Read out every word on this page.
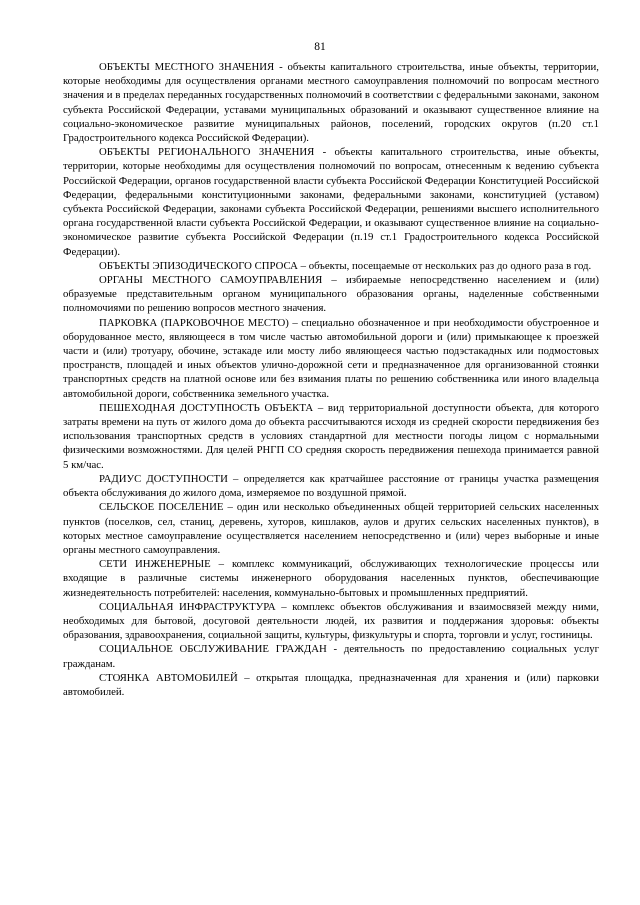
81

ОБЪЕКТЫ МЕСТНОГО ЗНАЧЕНИЯ - объекты капитального строительства, иные объекты, территории, которые необходимы для осуществления органами местного самоуправления полномочий по вопросам местного значения и в пределах переданных государственных полномочий в соответствии с федеральными законами, законом субъекта Российской Федерации, уставами муниципальных образований и оказывают существенное влияние на социально-экономическое развитие муниципальных районов, поселений, городских округов (п.20 ст.1 Градостроительного кодекса Российской Федерации).

ОБЪЕКТЫ РЕГИОНАЛЬНОГО ЗНАЧЕНИЯ - объекты капитального строительства, иные объекты, территории, которые необходимы для осуществления полномочий по вопросам, отнесенным к ведению субъекта Российской Федерации, органов государственной власти субъекта Российской Федерации Конституцией Российской Федерации, федеральными конституционными законами, федеральными законами, конституцией (уставом) субъекта Российской Федерации, законами субъекта Российской Федерации, решениями высшего исполнительного органа государственной власти субъекта Российской Федерации, и оказывают существенное влияние на социально-экономическое развитие субъекта Российской Федерации (п.19 ст.1 Градостроительного кодекса Российской Федерации).

ОБЪЕКТЫ ЭПИЗОДИЧЕСКОГО СПРОСА – объекты, посещаемые от нескольких раз до одного раза в год.

ОРГАНЫ МЕСТНОГО САМОУПРАВЛЕНИЯ – избираемые непосредственно населением и (или) образуемые представительным органом муниципального образования органы, наделенные собственными полномочиями по решению вопросов местного значения.

ПАРКОВКА (ПАРКОВОЧНОЕ МЕСТО) – специально обозначенное и при необходимости обустроенное и оборудованное место, являющееся в том числе частью автомобильной дороги и (или) примыкающее к проезжей части и (или) тротуару, обочине, эстакаде или мосту либо являющееся частью подэстакадных или подмостовых пространств, площадей и иных объектов улично-дорожной сети и предназначенное для организованной стоянки транспортных средств на платной основе или без взимания платы по решению собственника или иного владельца автомобильной дороги, собственника земельного участка.

ПЕШЕХОДНАЯ ДОСТУПНОСТЬ ОБЪЕКТА – вид территориальной доступности объекта, для которого затраты времени на путь от жилого дома до объекта рассчитываются исходя из средней скорости передвижения без использования транспортных средств в условиях стандартной для местности погоды лицом с нормальными физическими возможностями. Для целей РНГП СО средняя скорость передвижения пешехода принимается равной 5 км/час.

РАДИУС ДОСТУПНОСТИ – определяется как кратчайшее расстояние от границы участка размещения объекта обслуживания до жилого дома, измеряемое по воздушной прямой.

СЕЛЬСКОЕ ПОСЕЛЕНИЕ – один или несколько объединенных общей территорией сельских населенных пунктов (поселков, сел, станиц, деревень, хуторов, кишлаков, аулов и других сельских населенных пунктов), в которых местное самоуправление осуществляется населением непосредственно и (или) через выборные и иные органы местного самоуправления.

СЕТИ ИНЖЕНЕРНЫЕ – комплекс коммуникаций, обслуживающих технологические процессы или входящие в различные системы инженерного оборудования населенных пунктов, обеспечивающие жизнедеятельность потребителей: населения, коммунально-бытовых и промышленных предприятий.

СОЦИАЛЬНАЯ ИНФРАСТРУКТУРА – комплекс объектов обслуживания и взаимосвязей между ними, необходимых для бытовой, досуговой деятельности людей, их развития и поддержания здоровья: объекты образования, здравоохранения, социальной защиты, культуры, физкультуры и спорта, торговли и услуг, гостиницы.

СОЦИАЛЬНОЕ ОБСЛУЖИВАНИЕ ГРАЖДАН - деятельность по предоставлению социальных услуг гражданам.

СТОЯНКА АВТОМОБИЛЕЙ – открытая площадка, предназначенная для хранения и (или) парковки автомобилей.
